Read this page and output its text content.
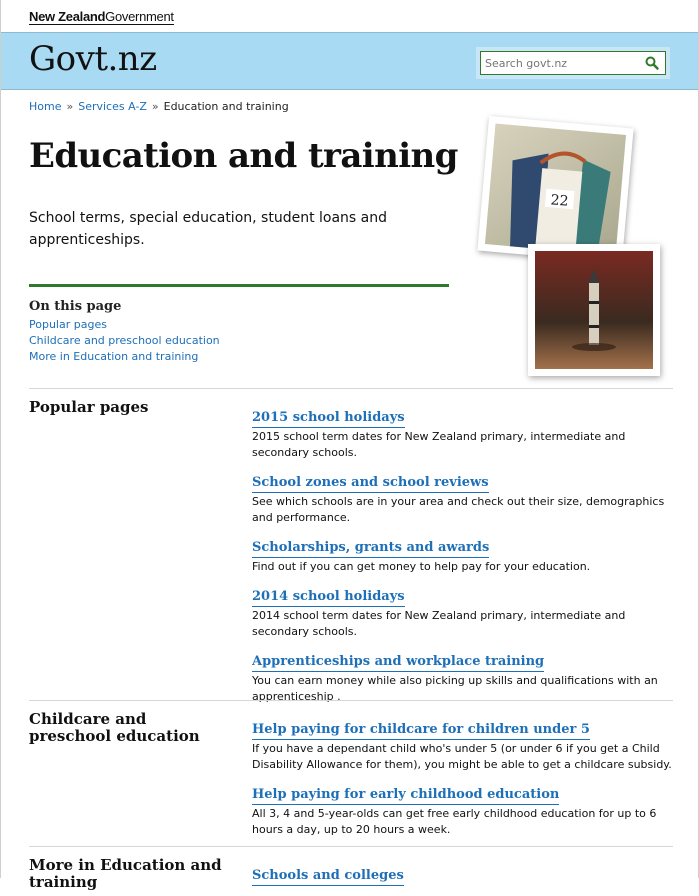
New ZealandGovernment
Govt.nz
Search govt.nz
Home » Services A-Z » Education and training
Education and training

School terms, special education, student loans and apprenticeships.

On this page
Popular pages
Childcare and preschool education
More in Education and training
22
Popular pages
2015 school holidays
2015 school term dates for New Zealand primary, intermediate and secondary schools.
School zones and school reviews
See which schools are in your area and check out their size, demographics and performance.
Scholarships, grants and awards
Find out if you can get money to help pay for your education.
2014 school holidays
2014 school term dates for New Zealand primary, intermediate and secondary schools.
Apprenticeships and workplace training
You can earn money while also picking up skills and qualifications with an apprenticeship .
Childcare and preschool education	Help paying for childcare for children under 5
If you have a dependant child who's under 5 (or under 6 if you get a Child Disability Allowance for them), you might be able to get a childcare subsidy.
Help paying for early childhood education
All 3, 4 and 5-year-olds can get free early childhood education for up to 6 hours a day, up to 20 hours a week.
More in Education and training	Schools and colleges
